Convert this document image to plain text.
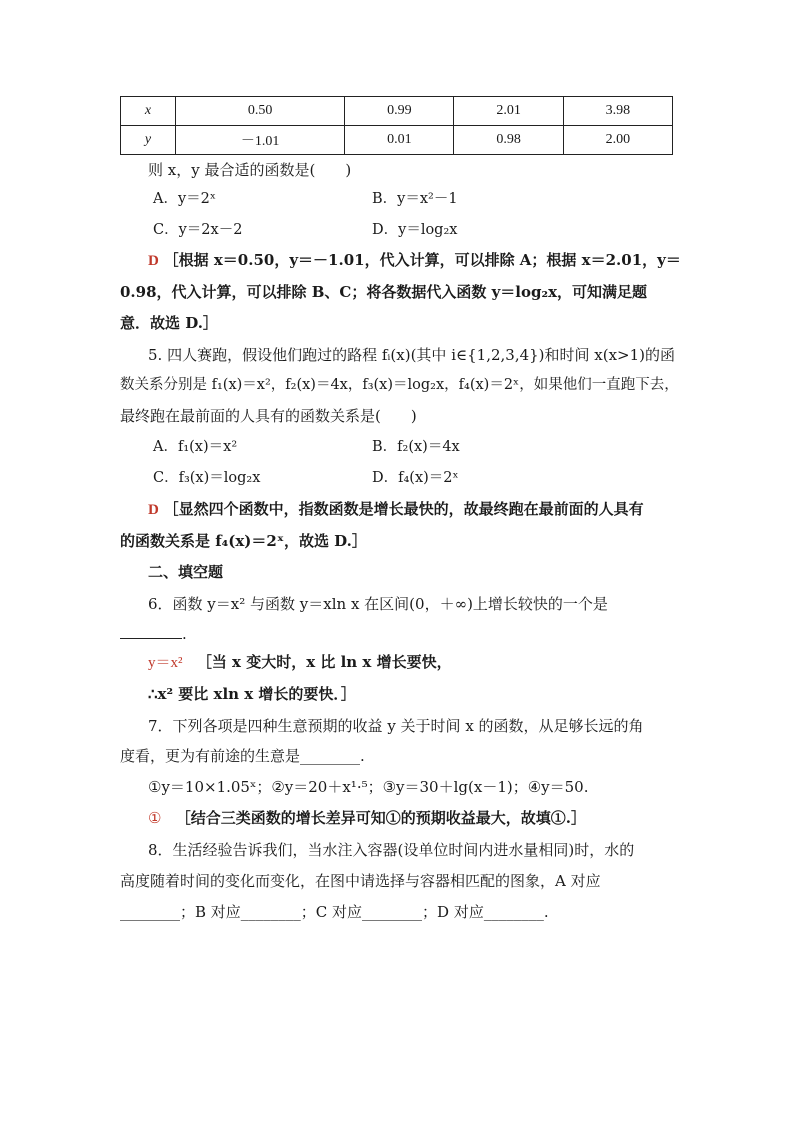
x	0.50	0.99	2.01	3.98
y	－1.01	0.01	0.98	2.00
则 x，y 最合适的函数是(　　)
A．y＝2ˣ	B．y＝x²－1
C．y＝2x－2	D．y＝log₂x
D ［根据 x＝0.50，y＝－1.01，代入计算，可以排除 A；根据 x＝2.01，y＝
0.98，代入计算，可以排除 B、C；将各数据代入函数 y＝log₂x，可知满足题
意．故选 D.］
5. 四人赛跑，假设他们跑过的路程 fᵢ(x)(其中 i∈{1,2,3,4})和时间 x(x>1)的函
数关系分别是 f₁(x)＝x²，f₂(x)＝4x，f₃(x)＝log₂x，f₄(x)＝2ˣ，如果他们一直跑下去，
最终跑在最前面的人具有的函数关系是(　　)
A．f₁(x)＝x²	B．f₂(x)＝4x
C．f₃(x)＝log₂x	D．f₄(x)＝2ˣ
D ［显然四个函数中，指数函数是增长最快的，故最终跑在最前面的人具有
的函数关系是 f₄(x)＝2ˣ，故选 D.］
二、填空题
6．函数 y＝x² 与函数 y＝xln x 在区间(0，＋∞)上增长较快的一个是
.
y＝x² ［当 x 变大时，x 比 ln x 增长要快，
∴x² 要比 xln x 增长的要快．］
7．下列各项是四种生意预期的收益 y 关于时间 x 的函数，从足够长远的角
度看，更为有前途的生意是________.
①y＝10×1.05ˣ；②y＝20＋x¹·⁵；③y＝30＋lg(x－1)；④y＝50.
① ［结合三类函数的增长差异可知①的预期收益最大，故填①.］
8．生活经验告诉我们，当水注入容器(设单位时间内进水量相同)时，水的
高度随着时间的变化而变化，在图中请选择与容器相匹配的图象，A 对应
________；B 对应________；C 对应________；D 对应________.
